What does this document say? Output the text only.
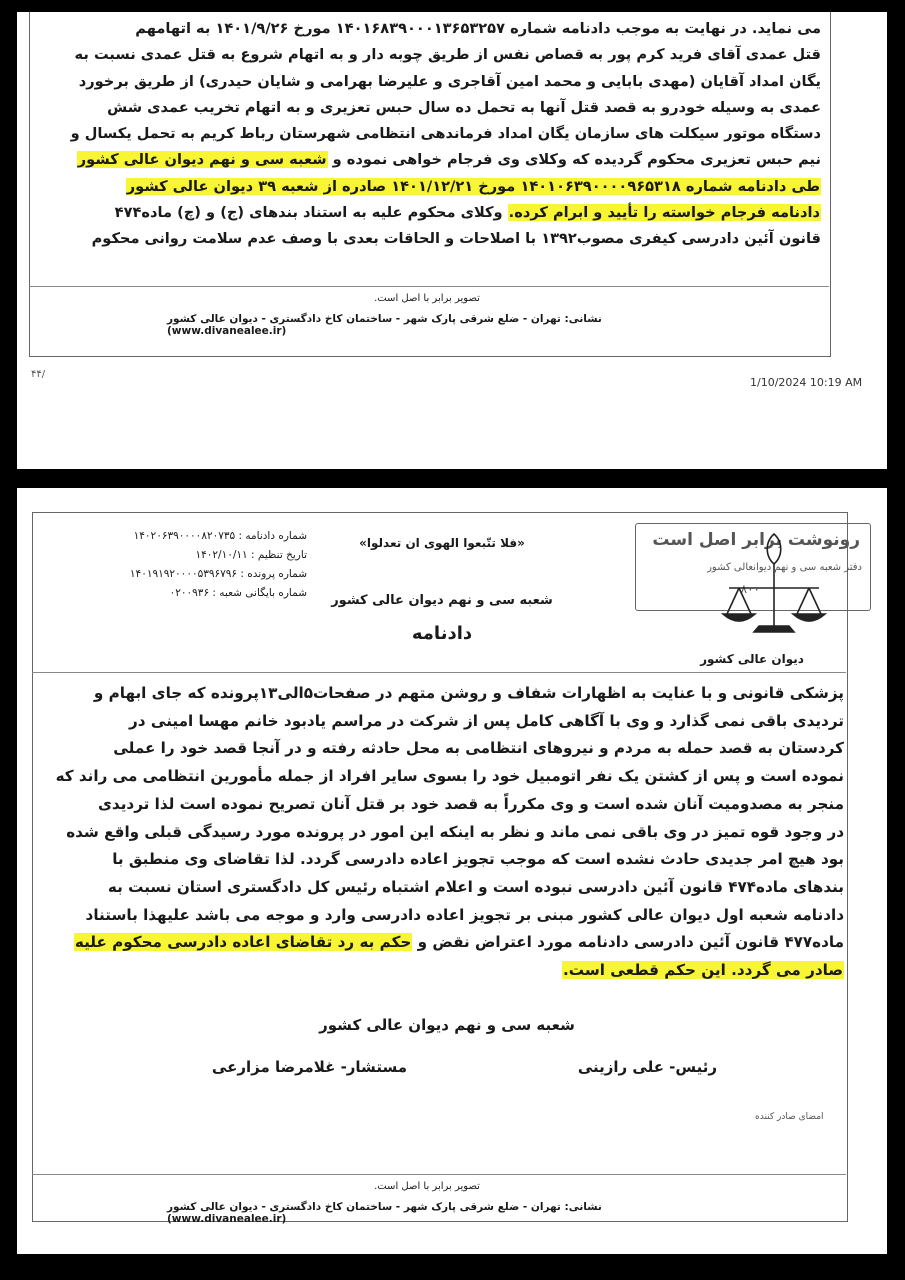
می نماید. در نهایت به موجب دادنامه شماره ۱۴۰۱۶۸۳۹۰۰۰۱۳۶۵۳۲۵۷ مورخ ۱۴۰۱/۹/۲۶ به اتهامهم
قتل عمدی آقای فرید کرم پور به قصاص نفس از طریق چوبه دار و به اتهام شروع به قتل عمدی نسبت به
یگان امداد آقایان (مهدی بابایی و محمد امین آقاجری و علیرضا بهرامی و شایان حیدری) از طریق برخورد
عمدی به وسیله خودرو به قصد قتل آنها به تحمل ده سال حبس تعزیری و به اتهام تخریب عمدی شش
دستگاه موتور سیکلت های سازمان یگان امداد فرماندهی انتظامی شهرستان رباط کریم به تحمل یکسال و
نیم حبس تعزیری محکوم گردیده که وکلای وی فرجام خواهی نموده و شعبه سی و نهم دیوان عالی کشور
طی دادنامه شماره ۱۴۰۱۰۶۳۹۰۰۰۰۹۶۵۳۱۸ مورخ ۱۴۰۱/۱۲/۲۱ صادره از شعبه ۳۹ دیوان عالی کشور
دادنامه فرجام خواسته را تأیید و ابرام کرده. وکلای محکوم علیه به استناد بندهای (ج) و (چ) ماده۴۷۴
قانون آئین دادرسی کیفری مصوب۱۳۹۲ با اصلاحات و الحاقات بعدی با وصف عدم سلامت روانی محکوم
تصویر برابر با اصل است.
نشانی: تهران - ضلع شرقی پارک شهر - ساختمان کاخ دادگستری - دیوان عالی کشور (www.divanealee.ir)
۴۴/
1/10/2024 10:19 AM
شماره دادنامه : ۱۴۰۲۰۶۳۹۰۰۰۰۸۲۰۷۳۵
تاریخ تنظیم : ۱۴۰۲/۱۰/۱۱
شماره پرونده : ۱۴۰۱۹۱۹۲۰۰۰۰۵۳۹۶۷۹۶
شماره بایگانی شعبه : ۰۲۰۰۹۳۶
«فلا تتّبعوا الهوی ان تعدلوا»
شعبه سی و نهم دیوان عالی کشور
دادنامه
رونوشت برابر اصل است
دفتر شعبه سی و نهم دیوانعالی کشور
۸۰۰
دیوان عالی کشور
پزشکی قانونی و با عنایت به اظهارات شفاف و روشن متهم در صفحات۵الی۱۳پرونده که جای ابهام و
تردیدی باقی نمی گذارد و وی با آگاهی کامل پس از شرکت در مراسم یادبود خانم مهسا امینی در
کردستان به قصد حمله به مردم و نیروهای انتظامی به محل حادثه رفته و در آنجا قصد خود را عملی
نموده است و پس از کشتن یک نفر اتومبیل خود را بسوی سایر افراد از جمله مأمورین انتظامی می راند که
منجر به مصدومیت آنان شده است و وی مکرراً به قصد خود بر قتل آنان تصریح نموده است لذا تردیدی
در وجود قوه تمیز در وی باقی نمی ماند و نظر به اینکه این امور در پرونده مورد رسیدگی قبلی واقع شده
بود هیچ امر جدیدی حادث نشده است که موجب تجویز اعاده دادرسی گردد. لذا تقاضای وی منطبق با
بندهای ماده۴۷۴ قانون آئین دادرسی نبوده است و اعلام اشتباه رئیس کل دادگستری استان نسبت به
دادنامه شعبه اول دیوان عالی کشور مبنی بر تجویز اعاده دادرسی وارد و موجه می باشد علیهذا باستناد
ماده۴۷۷ قانون آئین دادرسی دادنامه مورد اعتراض نقض و حکم به رد تقاضای اعاده دادرسی محکوم علیه
صادر می گردد. این حکم قطعی است.
شعبه سی و نهم دیوان عالی کشور
رئیس- علی رازینی
مستشار- غلامرضا مزارعی
امضای صادر کننده
تصویر برابر با اصل است.
نشانی: تهران - ضلع شرقی پارک شهر - ساختمان کاخ دادگستری - دیوان عالی کشور (www.divanealee.ir)
